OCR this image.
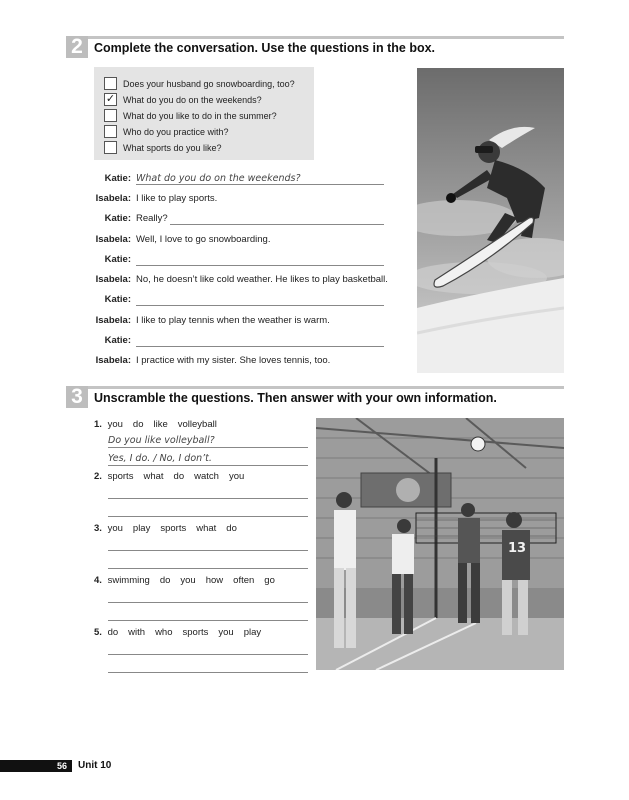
2 Complete the conversation. Use the questions in the box.
Does your husband go snowboarding, too?
✓ What do you do on the weekends?
What do you like to do in the summer?
Who do you practice with?
What sports do you like?
Katie: What do you do on the weekends?
Isabela: I like to play sports.
Katie: Really?
Isabela: Well, I love to go snowboarding.
Katie:
Isabela: No, he doesn’t like cold weather. He likes to play basketball.
Katie:
Isabela: I like to play tennis when the weather is warm.
Katie:
Isabela: I practice with my sister. She loves tennis, too.
3 Unscramble the questions. Then answer with your own information.
1. you do like volleyball
Do you like volleyball?
Yes, I do. / No, I don’t.
2. sports what do watch you
3. you play sports what do
4. swimming do you how often go
5. do with who sports you play
13
56	Unit 10
